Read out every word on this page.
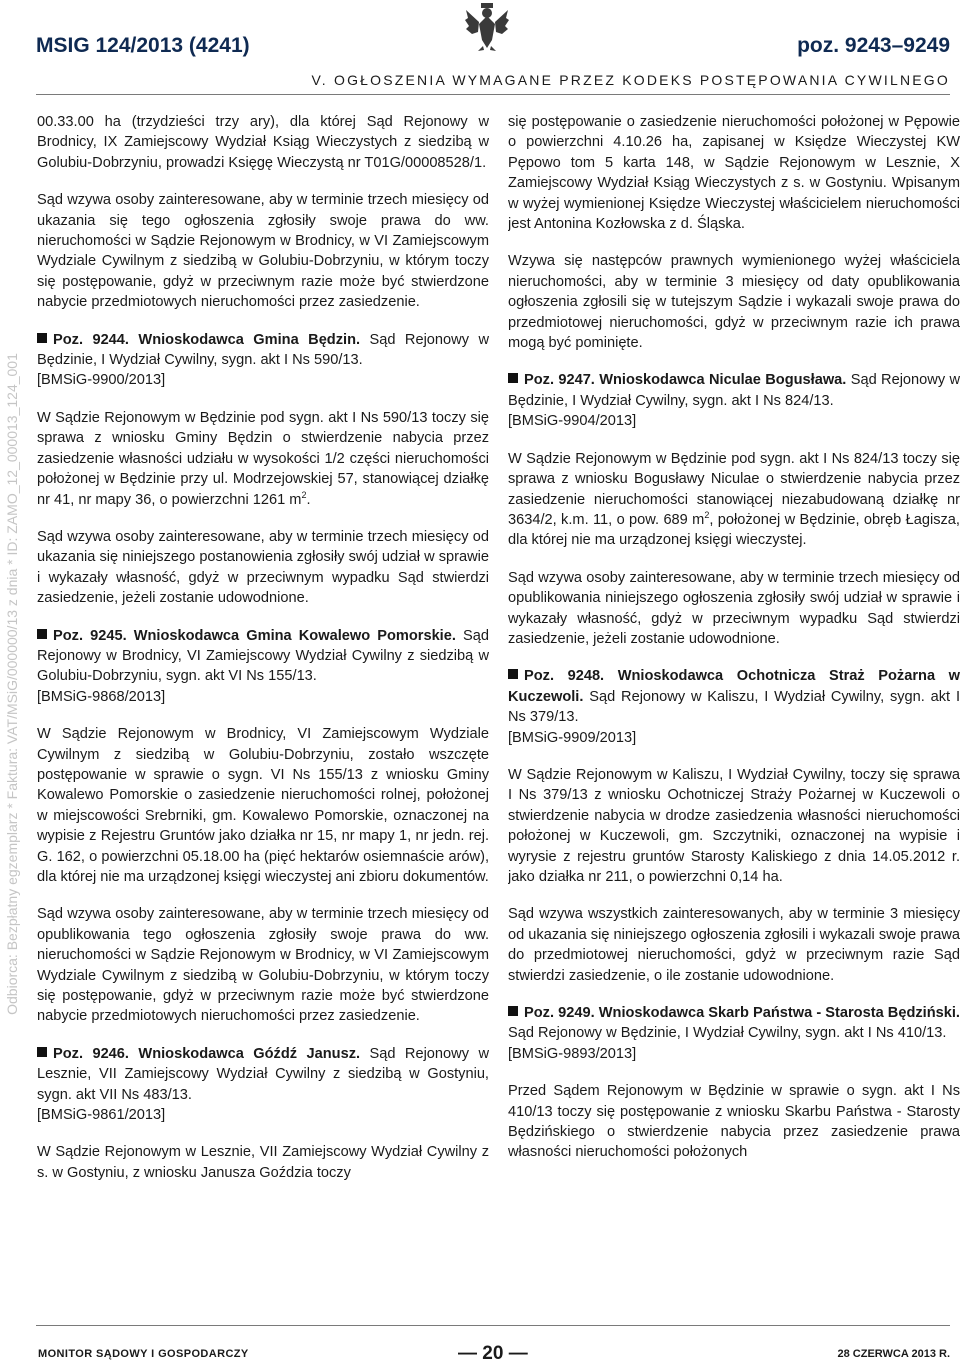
Odbiorca: Bezpłatny egzemplarz * Faktura: VAT/MSiG/000000/13 z dnia * ID: ZAMO_12_000013_124_001
MSIG 124/2013 (4241)	poz. 9243–9249
V. OGŁOSZENIA WYMAGANE PRZEZ KODEKS POSTĘPOWANIA CYWILNEGO

00.33.00 ha (trzydzieści trzy ary), dla której Sąd Rejonowy w Brodnicy, IX Zamiejscowy Wydział Ksiąg Wieczystych z siedzibą w Golubiu-Dobrzyniu, prowadzi Księgę Wieczystą nr T01G/00008528/1.

Sąd wzywa osoby zainteresowane, aby w terminie trzech miesięcy od ukazania się tego ogłoszenia zgłosiły swoje prawa do ww. nieruchomości w Sądzie Rejonowym w Brodnicy, w VI Zamiejscowym Wydziale Cywilnym z siedzibą w Golubiu-Dobrzyniu, w którym toczy się postępowanie, gdyż w przeciwnym razie może być stwierdzone nabycie przedmiotowych nieruchomości przez zasiedzenie.

Poz. 9244. Wnioskodawca Gmina Będzin. Sąd Rejonowy w Będzinie, I Wydział Cywilny, sygn. akt I Ns 590/13.

[BMSiG-9900/2013]

W Sądzie Rejonowym w Będzinie pod sygn. akt I Ns 590/13 toczy się sprawa z wniosku Gminy Będzin o stwierdzenie nabycia przez zasiedzenie własności udziału w wysokości 1/2 części nieruchomości położonej w Będzinie przy ul. Modrzejowskiej 57, stanowiącej działkę nr 41, nr mapy 36, o powierzchni 1261 $m^2$.

Sąd wzywa osoby zainteresowane, aby w terminie trzech miesięcy od ukazania się niniejszego postanowienia zgłosiły swój udział w sprawie i wykazały własność, gdyż w przeciwnym wypadku Sąd stwierdzi zasiedzenie, jeżeli zostanie udowodnione.

Poz. 9245. Wnioskodawca Gmina Kowalewo Pomorskie. Sąd Rejonowy w Brodnicy, VI Zamiejscowy Wydział Cywilny z siedzibą w Golubiu-Dobrzyniu, sygn. akt VI Ns 155/13.

[BMSiG-9868/2013]

W Sądzie Rejonowym w Brodnicy, VI Zamiejscowym Wydziale Cywilnym z siedzibą w Golubiu-Dobrzyniu, zostało wszczęte postępowanie w sprawie o sygn. VI Ns 155/13 z wniosku Gminy Kowalewo Pomorskie o zasiedzenie nieruchomości rolnej, położonej w miejscowości Srebrniki, gm. Kowalewo Pomorskie, oznaczonej na wypisie z Rejestru Gruntów jako działka nr 15, nr mapy 1, nr jedn. rej. G. 162, o powierzchni 05.18.00 ha (pięć hektarów osiemnaście arów), dla której nie ma urządzonej księgi wieczystej ani zbioru dokumentów.

Sąd wzywa osoby zainteresowane, aby w terminie trzech miesięcy od opublikowania tego ogłoszenia zgłosiły swoje prawa do ww. nieruchomości w Sądzie Rejonowym w Brodnicy, w VI Zamiejscowym Wydziale Cywilnym z siedzibą w Golubiu-Dobrzyniu, w którym toczy się postępowanie, gdyż w przeciwnym razie może być stwierdzone nabycie przedmiotowych nieruchomości przez zasiedzenie.

Poz. 9246. Wnioskodawca Góźdź Janusz. Sąd Rejonowy w Lesznie, VII Zamiejscowy Wydział Cywilny z siedzibą w Gostyniu, sygn. akt VII Ns 483/13.

[BMSiG-9861/2013]

W Sądzie Rejonowym w Lesznie, VII Zamiejscowy Wydział Cywilny z s. w Gostyniu, z wniosku Janusza Goździa toczy

się postępowanie o zasiedzenie nieruchomości położonej w Pępowie o powierzchni 4.10.26 ha, zapisanej w Księdze Wieczystej KW Pępowo tom 5 karta 148, w Sądzie Rejonowym w Lesznie, X Zamiejscowy Wydział Ksiąg Wieczystych z s. w Gostyniu. Wpisanym w wyżej wymienionej Księdze Wieczystej właścicielem nieruchomości jest Antonina Kozłowska z d. Śląska.

Wzywa się następców prawnych wymienionego wyżej właściciela nieruchomości, aby w terminie 3 miesięcy od daty opublikowania ogłoszenia zgłosili się w tutejszym Sądzie i wykazali swoje prawa do przedmiotowej nieruchomości, gdyż w przeciwnym razie ich prawa mogą być pominięte.

Poz. 9247. Wnioskodawca Niculae Bogusława. Sąd Rejonowy w Będzinie, I Wydział Cywilny, sygn. akt I Ns 824/13.

[BMSiG-9904/2013]

W Sądzie Rejonowym w Będzinie pod sygn. akt I Ns 824/13 toczy się sprawa z wniosku Bogusławy Niculae o stwierdzenie nabycia przez zasiedzenie nieruchomości stanowiącej niezabudowaną działkę nr 3634/2, k.m. 11, o pow. 689 $m^2$, położonej w Będzinie, obręb Łagisza, dla której nie ma urządzonej księgi wieczystej.

Sąd wzywa osoby zainteresowane, aby w terminie trzech miesięcy od opublikowania niniejszego ogłoszenia zgłosiły swój udział w sprawie i wykazały własność, gdyż w przeciwnym wypadku Sąd stwierdzi zasiedzenie, jeżeli zostanie udowodnione.

Poz. 9248. Wnioskodawca Ochotnicza Straż Pożarna w Kuczewoli. Sąd Rejonowy w Kaliszu, I Wydział Cywilny, sygn. akt I Ns 379/13.

[BMSiG-9909/2013]

W Sądzie Rejonowym w Kaliszu, I Wydział Cywilny, toczy się sprawa I Ns 379/13 z wniosku Ochotniczej Straży Pożarnej w Kuczewoli o stwierdzenie nabycia w drodze zasiedzenia własności nieruchomości położonej w Kuczewoli, gm. Szczytniki, oznaczonej na wypisie i wyrysie z rejestru gruntów Starosty Kaliskiego z dnia 14.05.2012 r. jako działka nr 211, o powierzchni 0,14 ha.

Sąd wzywa wszystkich zainteresowanych, aby w terminie 3 miesięcy od ukazania się niniejszego ogłoszenia zgłosili i wykazali swoje prawa do przedmiotowej nieruchomości, gdyż w przeciwnym razie Sąd stwierdzi zasiedzenie, o ile zostanie udowodnione.

Poz. 9249. Wnioskodawca Skarb Państwa - Starosta Będziński. Sąd Rejonowy w Będzinie, I Wydział Cywilny, sygn. akt I Ns 410/13.

[BMSiG-9893/2013]

Przed Sądem Rejonowym w Będzinie w sprawie o sygn. akt I Ns 410/13 toczy się postępowanie z wniosku Skarbu Państwa - Starosty Będzińskiego o stwierdzenie nabycia przez zasiedzenie prawa własności nieruchomości położonych

MONITOR SĄDOWY I GOSPODARCZY	— 20 —	28 CZERWCA 2013 R.
